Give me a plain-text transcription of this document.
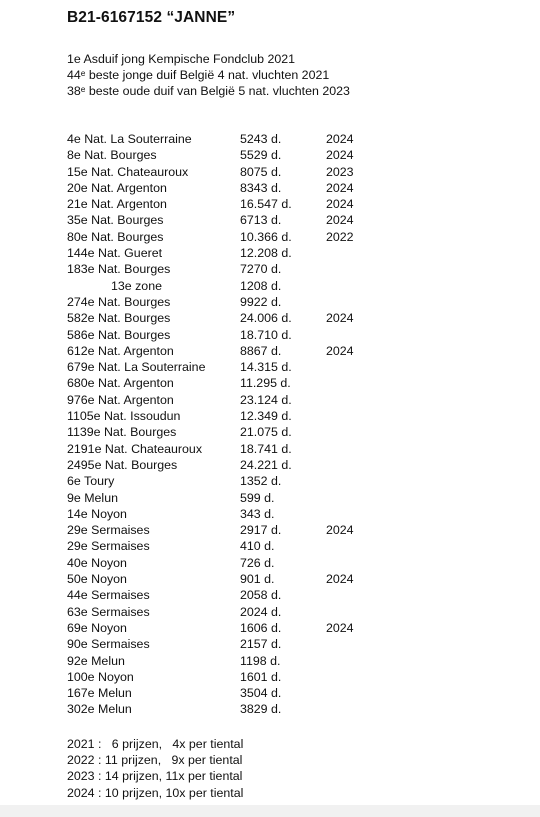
B21-6167152 “JANNE”
1e Asduif jong Kempische Fondclub 2021
44ᵉ beste jonge duif België 4 nat. vluchten 2021
38ᵉ beste oude duif van België 5 nat. vluchten 2023
4e Nat. La Souterraine	5243 d.	2024
8e Nat. Bourges	5529 d.	2024
15e Nat. Chateauroux	8075 d.	2023
20e Nat. Argenton	8343 d.	2024
21e Nat. Argenton	16.547 d.	2024
35e Nat. Bourges	6713 d.	2024
80e Nat. Bourges	10.366 d.	2022
144e Nat. Gueret	12.208 d.
183e Nat. Bourges	7270 d.
13e zone	1208 d.
274e Nat. Bourges	9922 d.
582e Nat. Bourges	24.006 d.	2024
586e Nat. Bourges	18.710 d.
612e Nat. Argenton	8867 d.	2024
679e Nat. La Souterraine	14.315 d.
680e Nat. Argenton	11.295 d.
976e Nat. Argenton	23.124 d.
1105e Nat. Issoudun	12.349 d.
1139e Nat. Bourges	21.075 d.
2191e Nat. Chateauroux	18.741 d.
2495e Nat. Bourges	24.221 d.
6e Toury	1352 d.
9e Melun	599 d.
14e Noyon	343 d.
29e Sermaises	2917 d.	2024
29e Sermaises	410 d.
40e Noyon	726 d.
50e Noyon	901 d.	2024
44e Sermaises	2058 d.
63e Sermaises	2024 d.
69e Noyon	1606 d.	2024
90e Sermaises	2157 d.
92e Melun	1198 d.
100e Noyon	1601 d.
167e Melun	3504 d.
302e Melun	3829 d.
2021 :   6 prijzen,   4x per tiental
2022 : 11 prijzen,   9x per tiental
2023 : 14 prijzen, 11x per tiental
2024 : 10 prijzen, 10x per tiental
